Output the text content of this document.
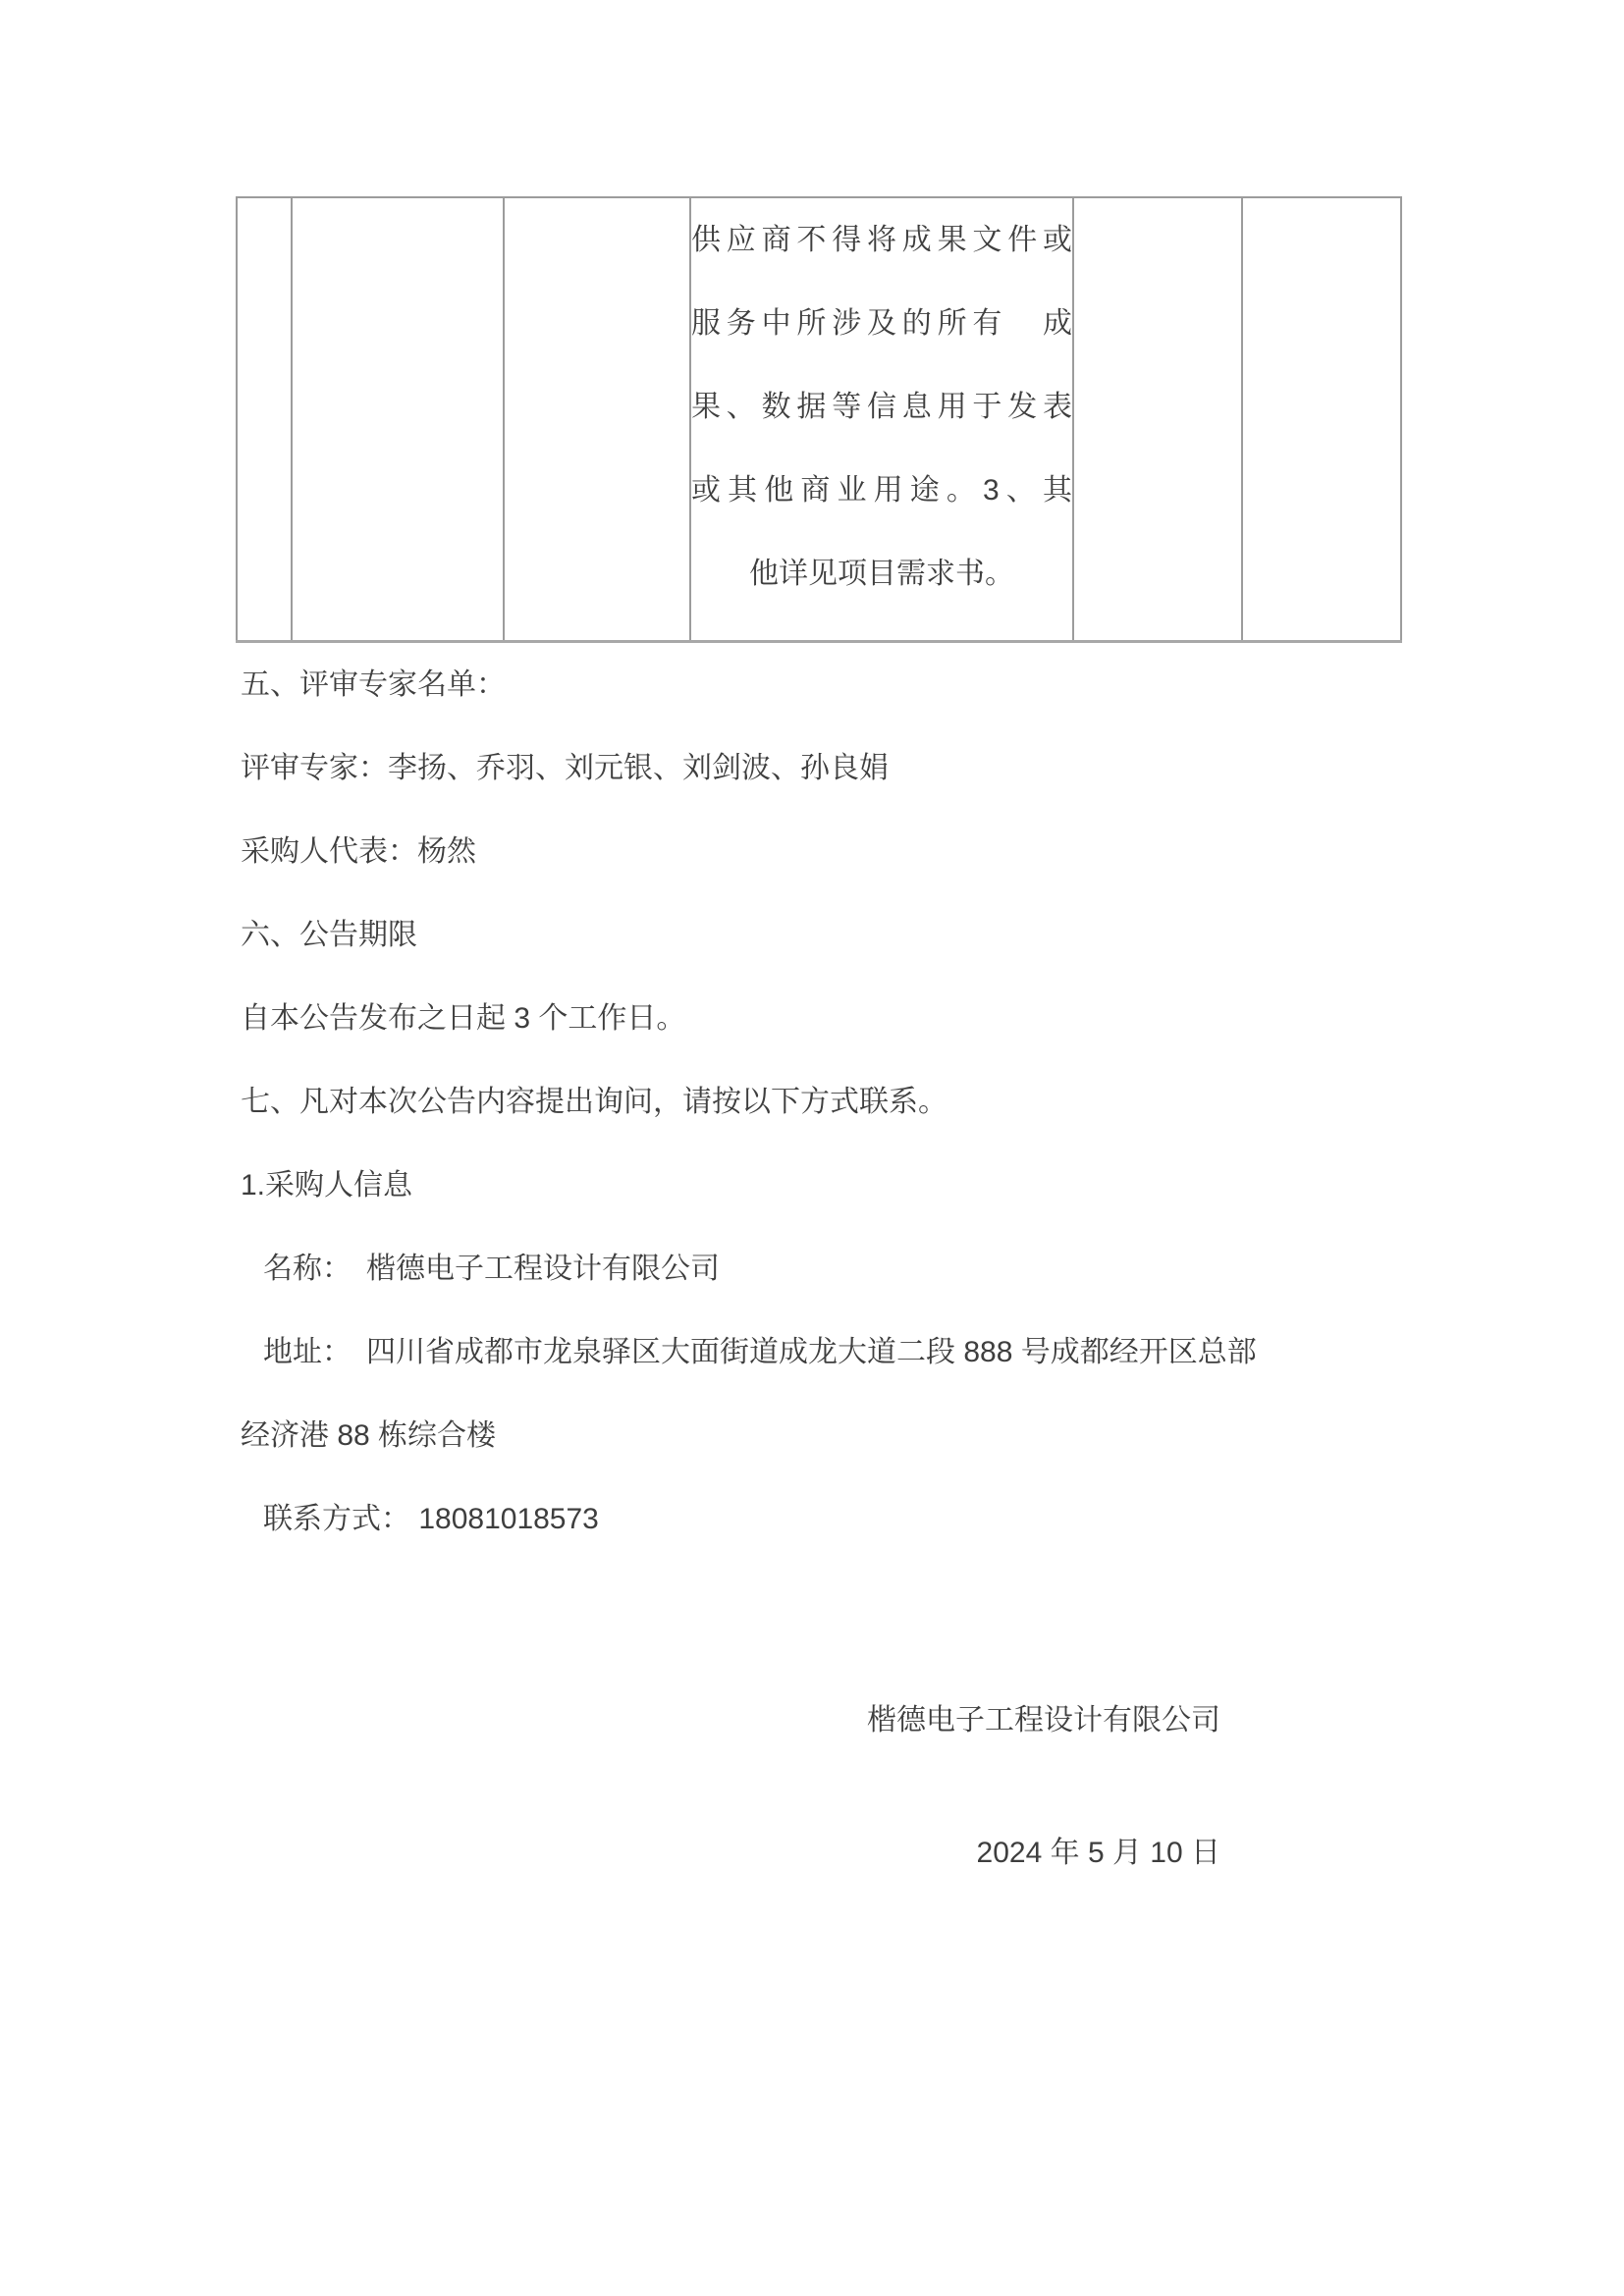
供应商不得将成果文件或
服务中所涉及的所有　成
果、数据等信息用于发表
或其他商业用途。3、其
他详见项目需求书。

五、评审专家名单：

评审专家：李扬、乔羽、刘元银、刘剑波、孙良娟

采购人代表：杨然

六、公告期限

自本公告发布之日起 3 个工作日。

七、凡对本次公告内容提出询问，请按以下方式联系。

1.采购人信息

名称：　楷德电子工程设计有限公司

地址：　四川省成都市龙泉驿区大面街道成龙大道二段 888 号成都经开区总部

经济港 88 栋综合楼

联系方式： 18081018573

楷德电子工程设计有限公司

2024 年 5 月 10 日
